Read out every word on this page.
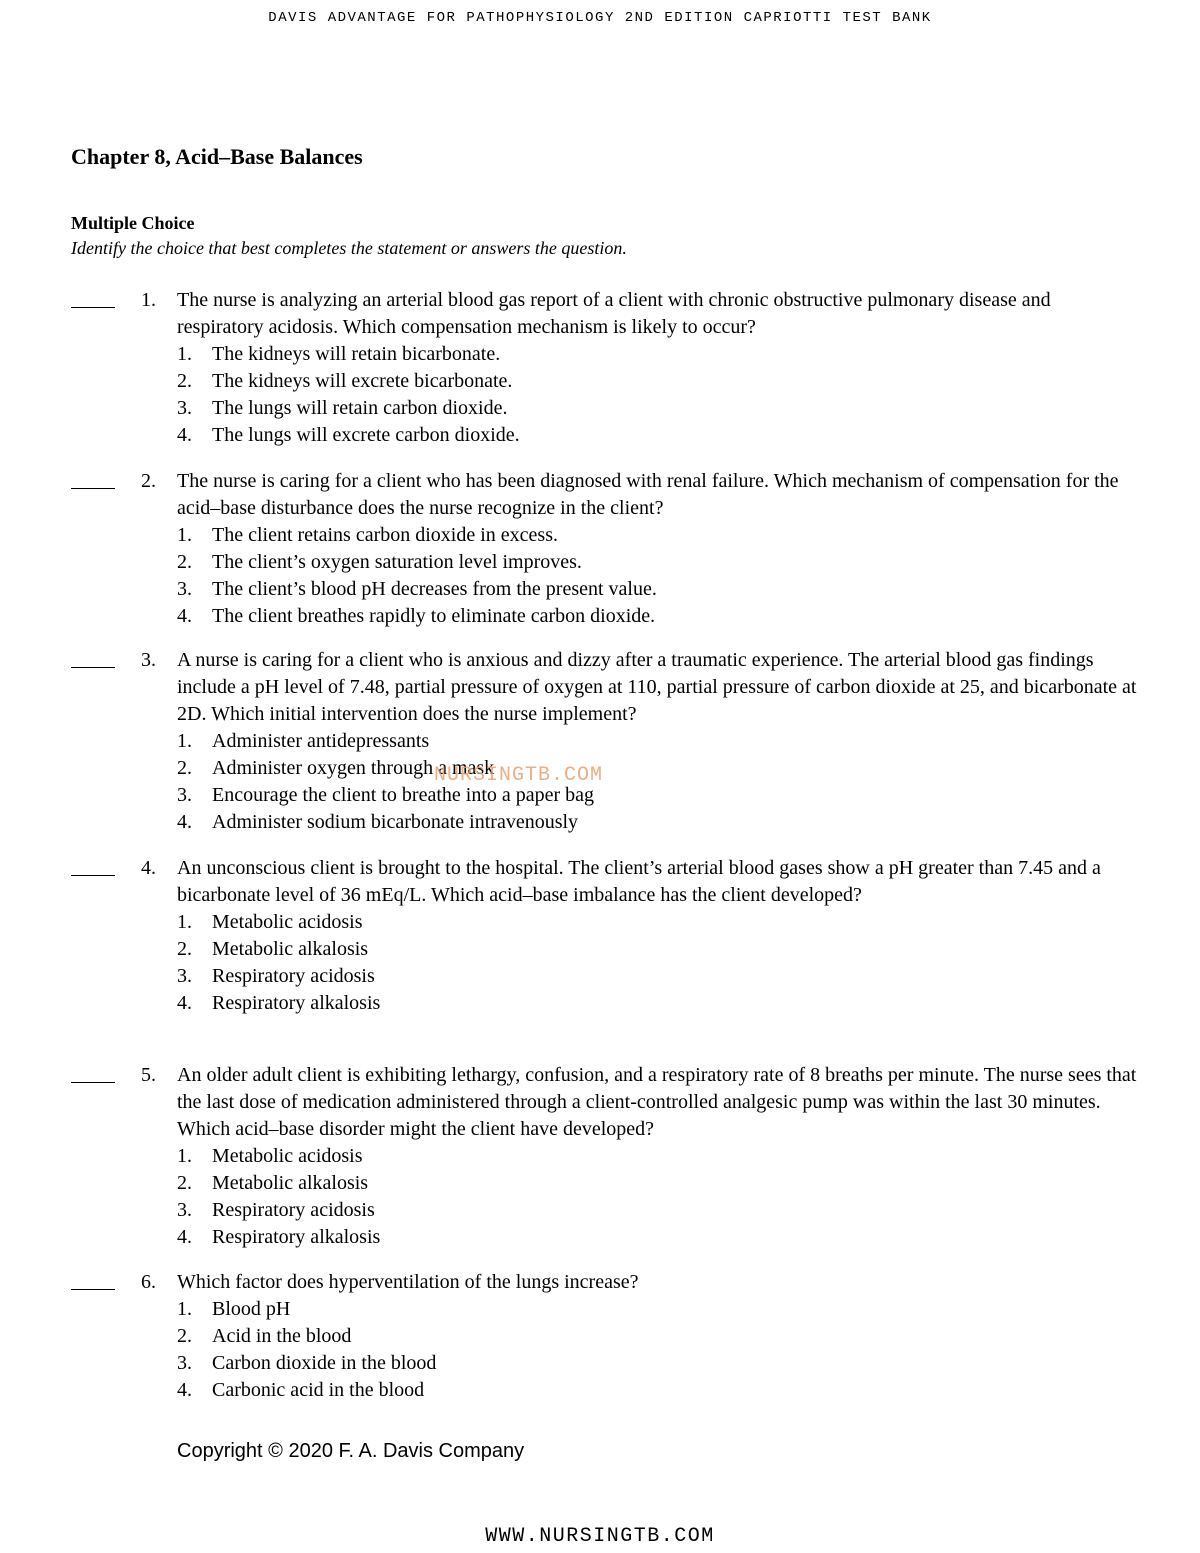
DAVIS ADVANTAGE FOR PATHOPHYSIOLOGY 2ND EDITION CAPRIOTTI TEST BANK
Chapter 8, Acid–Base Balances
Multiple Choice
Identify the choice that best completes the statement or answers the question.
1. The nurse is analyzing an arterial blood gas report of a client with chronic obstructive pulmonary disease and respiratory acidosis. Which compensation mechanism is likely to occur?
1. The kidneys will retain bicarbonate.
2. The kidneys will excrete bicarbonate.
3. The lungs will retain carbon dioxide.
4. The lungs will excrete carbon dioxide.
2. The nurse is caring for a client who has been diagnosed with renal failure. Which mechanism of compensation for the acid–base disturbance does the nurse recognize in the client?
1. The client retains carbon dioxide in excess.
2. The client’s oxygen saturation level improves.
3. The client’s blood pH decreases from the present value.
4. The client breathes rapidly to eliminate carbon dioxide.
3. A nurse is caring for a client who is anxious and dizzy after a traumatic experience. The arterial blood gas findings include a pH level of 7.48, partial pressure of oxygen at 110, partial pressure of carbon dioxide at 25, and bicarbonate at 2D. Which initial intervention does the nurse implement?
1. Administer antidepressants
2. Administer oxygen through a mask
3. Encourage the client to breathe into a paper bag
4. Administer sodium bicarbonate intravenously
4. An unconscious client is brought to the hospital. The client’s arterial blood gases show a pH greater than 7.45 and a bicarbonate level of 36 mEq/L. Which acid–base imbalance has the client developed?
1. Metabolic acidosis
2. Metabolic alkalosis
3. Respiratory acidosis
4. Respiratory alkalosis
5. An older adult client is exhibiting lethargy, confusion, and a respiratory rate of 8 breaths per minute. The nurse sees that the last dose of medication administered through a client-controlled analgesic pump was within the last 30 minutes. Which acid–base disorder might the client have developed?
1. Metabolic acidosis
2. Metabolic alkalosis
3. Respiratory acidosis
4. Respiratory alkalosis
6. Which factor does hyperventilation of the lungs increase?
1. Blood pH
2. Acid in the blood
3. Carbon dioxide in the blood
4. Carbonic acid in the blood
NURSINGTB.COM
Copyright © 2020 F. A. Davis Company
WWW.NURSINGTB.COM
